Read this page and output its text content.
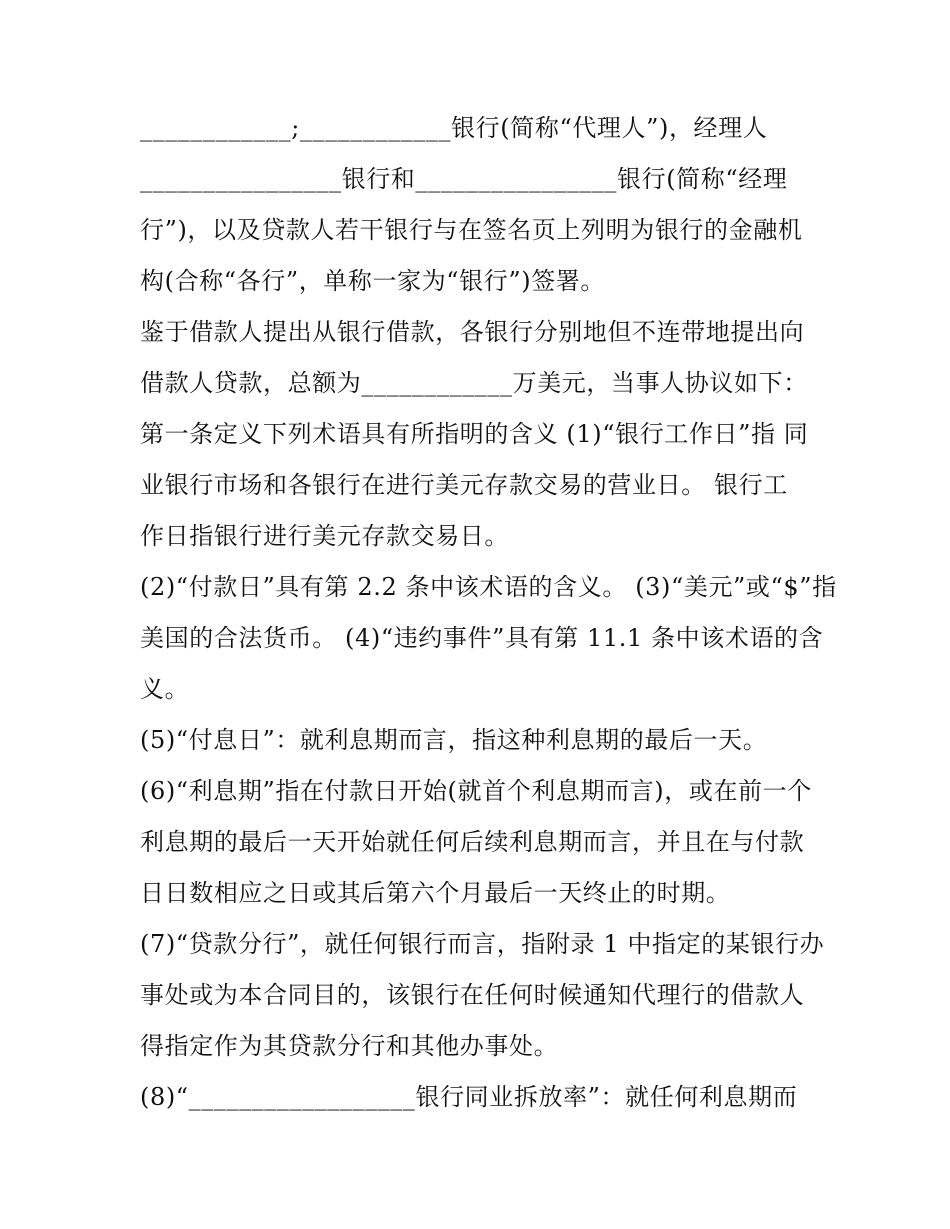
____________;____________银行(简称“代理人”)，经理人
________________银行和________________银行(简称“经理
行”)，以及贷款人若干银行与在签名页上列明为银行的金融机
构(合称“各行”，单称一家为“银行”)签署。
鉴于借款人提出从银行借款，各银行分别地但不连带地提出向
借款人贷款，总额为____________万美元，当事人协议如下：
第一条定义下列术语具有所指明的含义 (1)“银行工作日”指 同
业银行市场和各银行在进行美元存款交易的营业日。 银行工
作日指银行进行美元存款交易日。
(2)“付款日”具有第 2.2 条中该术语的含义。 (3)“美元”或“$”指
美国的合法货币。 (4)“违约事件”具有第 11.1 条中该术语的含
义。
(5)“付息日”：就利息期而言，指这种利息期的最后一天。
(6)“利息期”指在付款日开始(就首个利息期而言)，或在前一个
利息期的最后一天开始就任何后续利息期而言，并且在与付款
日日数相应之日或其后第六个月最后一天终止的时期。
(7)“贷款分行”，就任何银行而言，指附录 1 中指定的某银行办
事处或为本合同目的，该银行在任何时候通知代理行的借款人
得指定作为其贷款分行和其他办事处。
(8)“__________________银行同业拆放率”：就任何利息期而
